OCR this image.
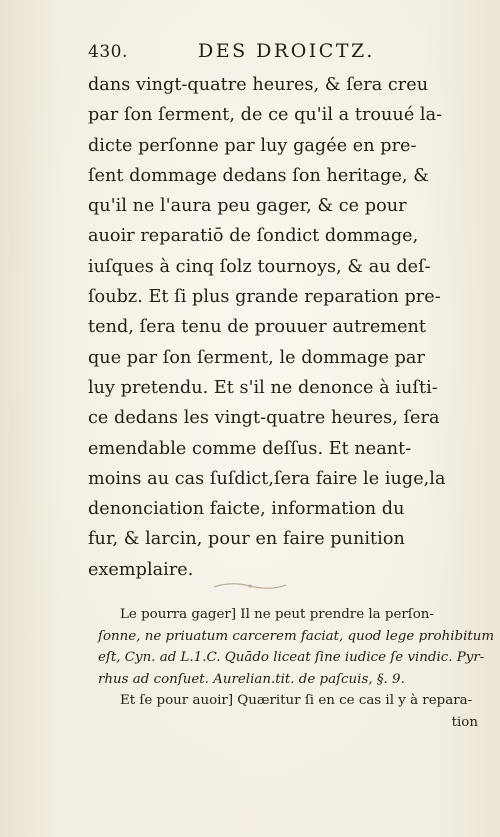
430.	DES DROICTZ.
dans vingt-quatre heures, & ſera creu
par ſon ſerment, de ce qu'il a trouué la-
dicte perſonne par luy gagée en pre-
ſent dommage dedans ſon heritage, &
qu'il ne l'aura peu gager, & ce pour
auoir reparatiō de ſondict dommage,
iuſques à cinq ſolz tournoys, & au deſ-
ſoubz. Et ſi plus grande reparation pre-
tend, ſera tenu de prouuer autrement
que par ſon ſerment, le dommage par
luy pretendu. Et s'il ne denonce à iuſti-
ce dedans les vingt-quatre heures, ſera
emendable comme deſſus. Et neant-
moins au cas ſuſdict,ſera faire le iuge,la
denonciation faicte, information du
fur, & larcin, pour en faire punition
exemplaire.
Le pourra gager] Il ne peut prendre la perſon-
ſonne, ne priuatum carcerem faciat, quod lege prohibitum
eſt, Cyn. ad L.1.C. Quādo liceat ſine iudice ſe vindic. Pyr-
rhus ad conſuet. Aurelian.tit. de paſcuis, §. 9.
Et ſe pour auoir] Quæritur ſi en ce cas il y à repara-
tion
